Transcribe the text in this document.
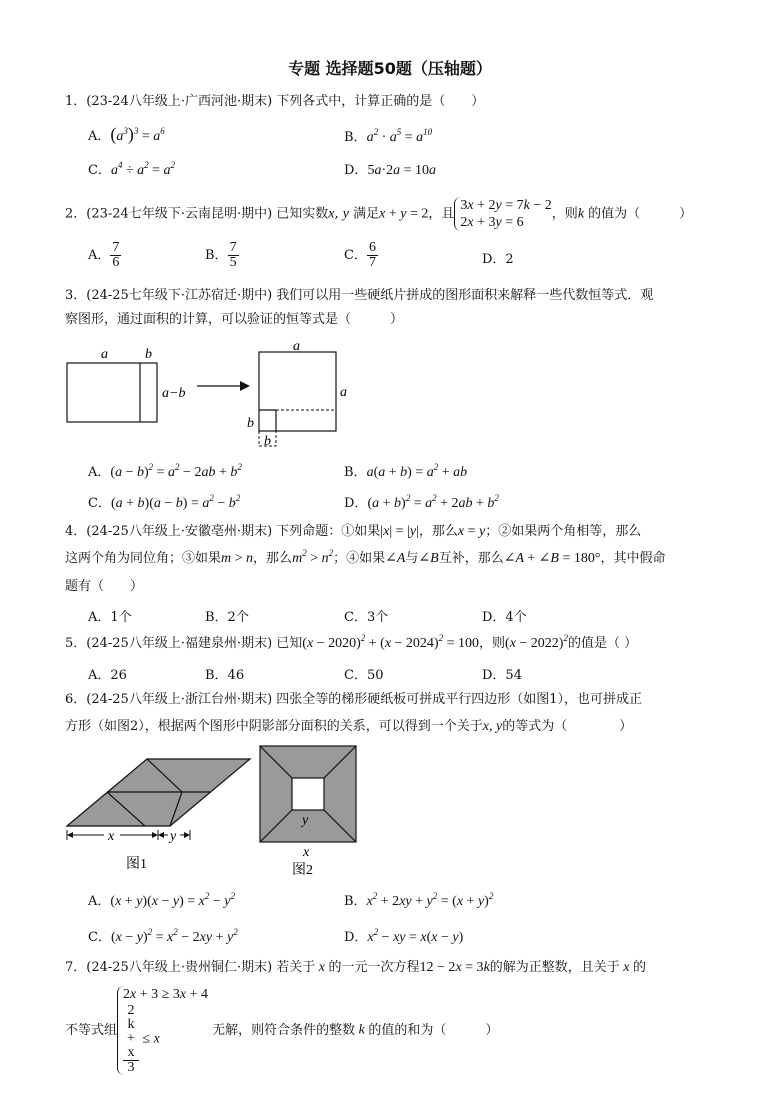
专题 选择题50题（压轴题）
1．(23-24八年级上·广西河池·期末) 下列各式中，计算正确的是（　　）
A．$(a^3)^3 = a^6$	B．$a^2 \cdot a^5 = a^{10}$
C．$a^4 \div a^2 = a^2$	D．5a·2a = 10a
2．(23-24七年级下·云南昆明·期中) 已知实数x, y 满足x + y = 2，且
3x + 2y = 7k − 2
2x + 3y = 6
，则k 的值为（　　　）
A． $\frac{7}{6}$	B． $\frac{7}{5}$	C． $\frac{6}{7}$	D．2
3．(24-25七年级下·江苏宿迁·期中) 我们可以用一些硬纸片拼成的图形面积来解释一些代数恒等式．观
察图形，通过面积的计算，可以验证的恒等式是（　　　）
a	b
a−b
a
a
b
b
A．$(a - b)^2 = a^2 - 2ab + b^2$	B．$a(a + b) = a^2$ + ab
C．$(a + b)(a - b) = a^2 - b^2$	D．$(a + b)^2 = a^2 + 2ab + b^2$
4．(24-25八年级上·安徽亳州·期末) 下列命题：①如果|x| = |y|，那么x = y；②如果两个角相等，那么
这两个角为同位角；③如果m > n，那么$m^2 > n^2$；④如果∠A与∠B互补，那么∠A + ∠B = 180°，其中假命
题有（　　）
A．1个	B．2个	C．3个	D．4个
5．(24-25八年级上·福建泉州·期末) 已知$(x - 2020)^2 + (x - 2024)^2 = 100$，则$(x - 2022)^2$的值是（ ）
A．26	B．46	C．50	D．54
6．(24-25八年级上·浙江台州·期末) 四张全等的梯形硬纸板可拼成平行四边形（如图1），也可拼成正
方形（如图2），根据两个图形中阴影部分面积的关系，可以得到一个关于x, y的等式为（　　　　）
x	y
图1
y
x
图2
A．$(x + y)(x - y) = x^2 - y^2$	B．$x^2 + 2xy + y^2 = (x + y)^2$
C．$(x - y)^2 = x^2 - 2xy + y^2$	D．$x^2$ − xy = x(x − y)
7．(24-25八年级上·贵州铜仁·期末) 若关于 x 的一元一次方程12 − 2x = 3k的解为正整数，且关于 x 的
不等式组
2x + 3 ≥ 3x + 4
2
k
+
x
3 ≤ x
无解，则符合条件的整数 k 的值的和为（　　　）
